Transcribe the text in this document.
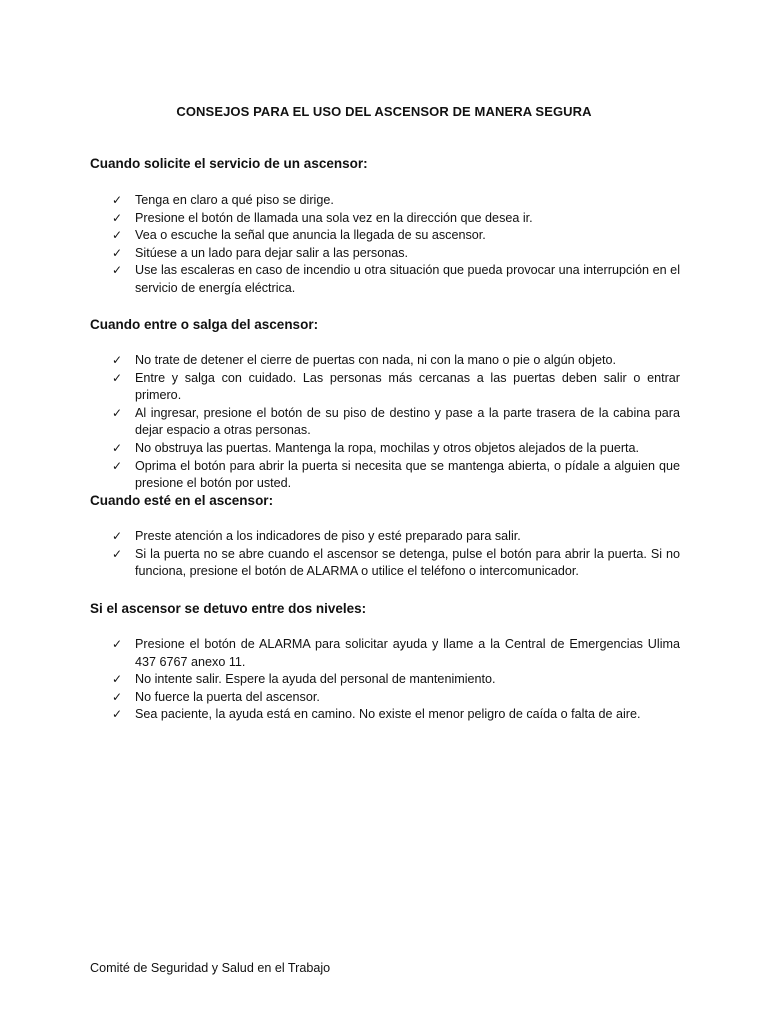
CONSEJOS PARA EL USO DEL ASCENSOR DE MANERA SEGURA

Cuando solicite el servicio de un ascensor:

✓ Tenga en claro a qué piso se dirige.
✓ Presione el botón de llamada una sola vez en la dirección que desea ir.
✓ Vea o escuche la señal que anuncia la llegada de su ascensor.
✓ Sitúese a un lado para dejar salir a las personas.
✓ Use las escaleras en caso de incendio u otra situación que pueda provocar una interrupción en el servicio de energía eléctrica.

Cuando entre o salga del ascensor:

✓ No trate de detener el cierre de puertas con nada, ni con la mano o pie o algún objeto.
✓ Entre y salga con cuidado. Las personas más cercanas a las puertas deben salir o entrar primero.
✓ Al ingresar, presione el botón de su piso de destino y pase a la parte trasera de la cabina para dejar espacio a otras personas.
✓ No obstruya las puertas. Mantenga la ropa, mochilas y otros objetos alejados de la puerta.
✓ Oprima el botón para abrir la puerta si necesita que se mantenga abierta, o pídale a alguien que presione el botón por usted.

Cuando esté en el ascensor:

✓ Preste atención a los indicadores de piso y esté preparado para salir.
✓ Si la puerta no se abre cuando el ascensor se detenga, pulse el botón para abrir la puerta. Si no funciona, presione el botón de ALARMA o utilice el teléfono o intercomunicador.

Si el ascensor se detuvo entre dos niveles:

✓ Presione el botón de ALARMA para solicitar ayuda y llame a la Central de Emergencias Ulima 437 6767 anexo 11.
✓ No intente salir. Espere la ayuda del personal de mantenimiento.
✓ No fuerce la puerta del ascensor.
✓ Sea paciente, la ayuda está en camino. No existe el menor peligro de caída o falta de aire.
Comité de Seguridad y Salud en el Trabajo
